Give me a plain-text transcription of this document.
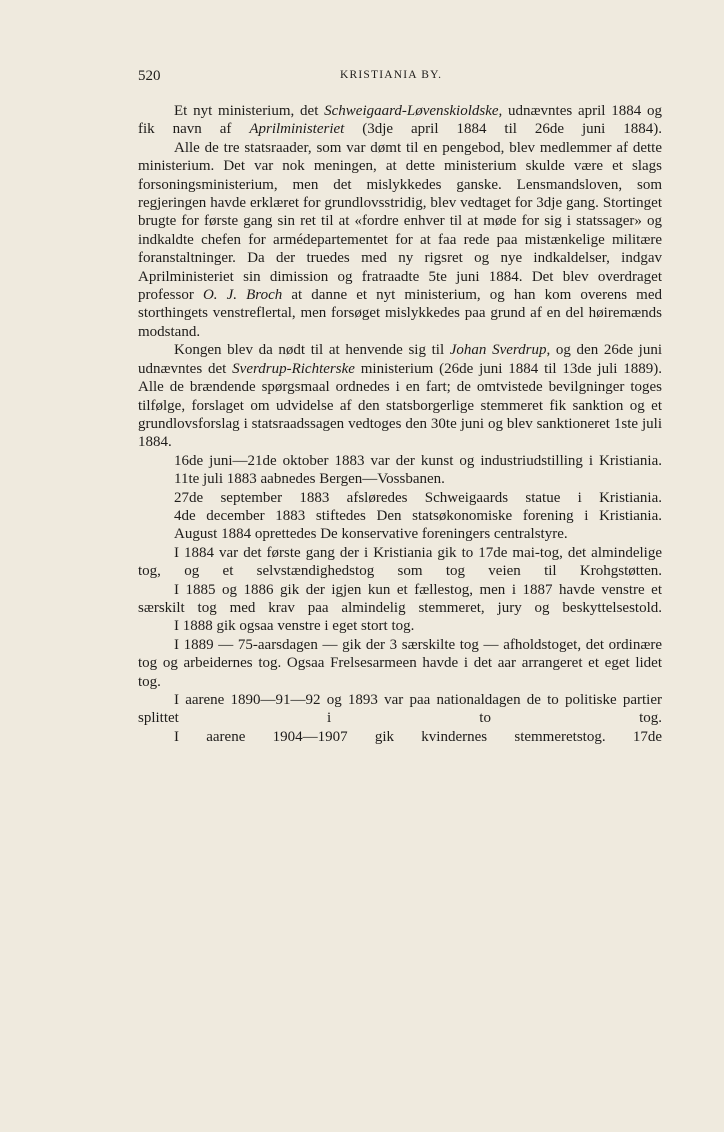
520	KRISTIANIA BY.

Et nyt ministerium, det Schweigaard-Løvenskioldske, udnævntes april 1884 og fik navn af Aprilministeriet (3dje april 1884 til 26de juni 1884).

Alle de tre statsraader, som var dømt til en pengebod, blev medlemmer af dette ministerium. Det var nok meningen, at dette ministerium skulde være et slags forsoningsministerium, men det mislykkedes ganske. Lensmandsloven, som regjeringen havde erklæret for grundlovsstridig, blev vedtaget for 3dje gang. Stortinget brugte for første gang sin ret til at «fordre enhver til at møde for sig i statssager» og indkaldte chefen for armédepartementet for at faa rede paa mistænkelige militære foranstaltninger. Da der truedes med ny rigsret og nye indkaldelser, indgav Aprilministeriet sin dimission og fratraadte 5te juni 1884. Det blev overdraget professor O. J. Broch at danne et nyt ministerium, og han kom overens med storthingets venstreflertal, men forsøget mislykkedes paa grund af en del høiremænds modstand.

Kongen blev da nødt til at henvende sig til Johan Sverdrup, og den 26de juni udnævntes det Sverdrup-Richterske ministerium (26de juni 1884 til 13de juli 1889). Alle de brændende spørgsmaal ordnedes i en fart; de omtvistede bevilgninger toges tilfølge, forslaget om udvidelse af den statsborgerlige stemmeret fik sanktion og et grundlovsforslag i statsraadssagen vedtoges den 30te juni og blev sanktioneret 1ste juli 1884.

16de juni—21de oktober 1883 var der kunst og industriudstilling i Kristiania.

11te juli 1883 aabnedes Bergen—Vossbanen.

27de september 1883 afsløredes Schweigaards statue i Kristiania.

4de december 1883 stiftedes Den statsøkonomiske forening i Kristiania.

August 1884 oprettedes De konservative foreningers centralstyre.

I 1884 var det første gang der i Kristiania gik to 17de mai-tog, det almindelige tog, og et selvstændighedstog som tog veien til Krohgstøtten.

I 1885 og 1886 gik der igjen kun et fællestog, men i 1887 havde venstre et særskilt tog med krav paa almindelig stemmeret, jury og beskyttelsestold.

I 1888 gik ogsaa venstre i eget stort tog.

I 1889 — 75-aarsdagen — gik der 3 særskilte tog — afholdstoget, det ordinære tog og arbeidernes tog. Ogsaa Frelsesarmeen havde i det aar arrangeret et eget lidet tog.

I aarene 1890—91—92 og 1893 var paa nationaldagen de to politiske partier splittet i to tog.

I aarene 1904—1907 gik kvindernes stemmeretstog. 17de
